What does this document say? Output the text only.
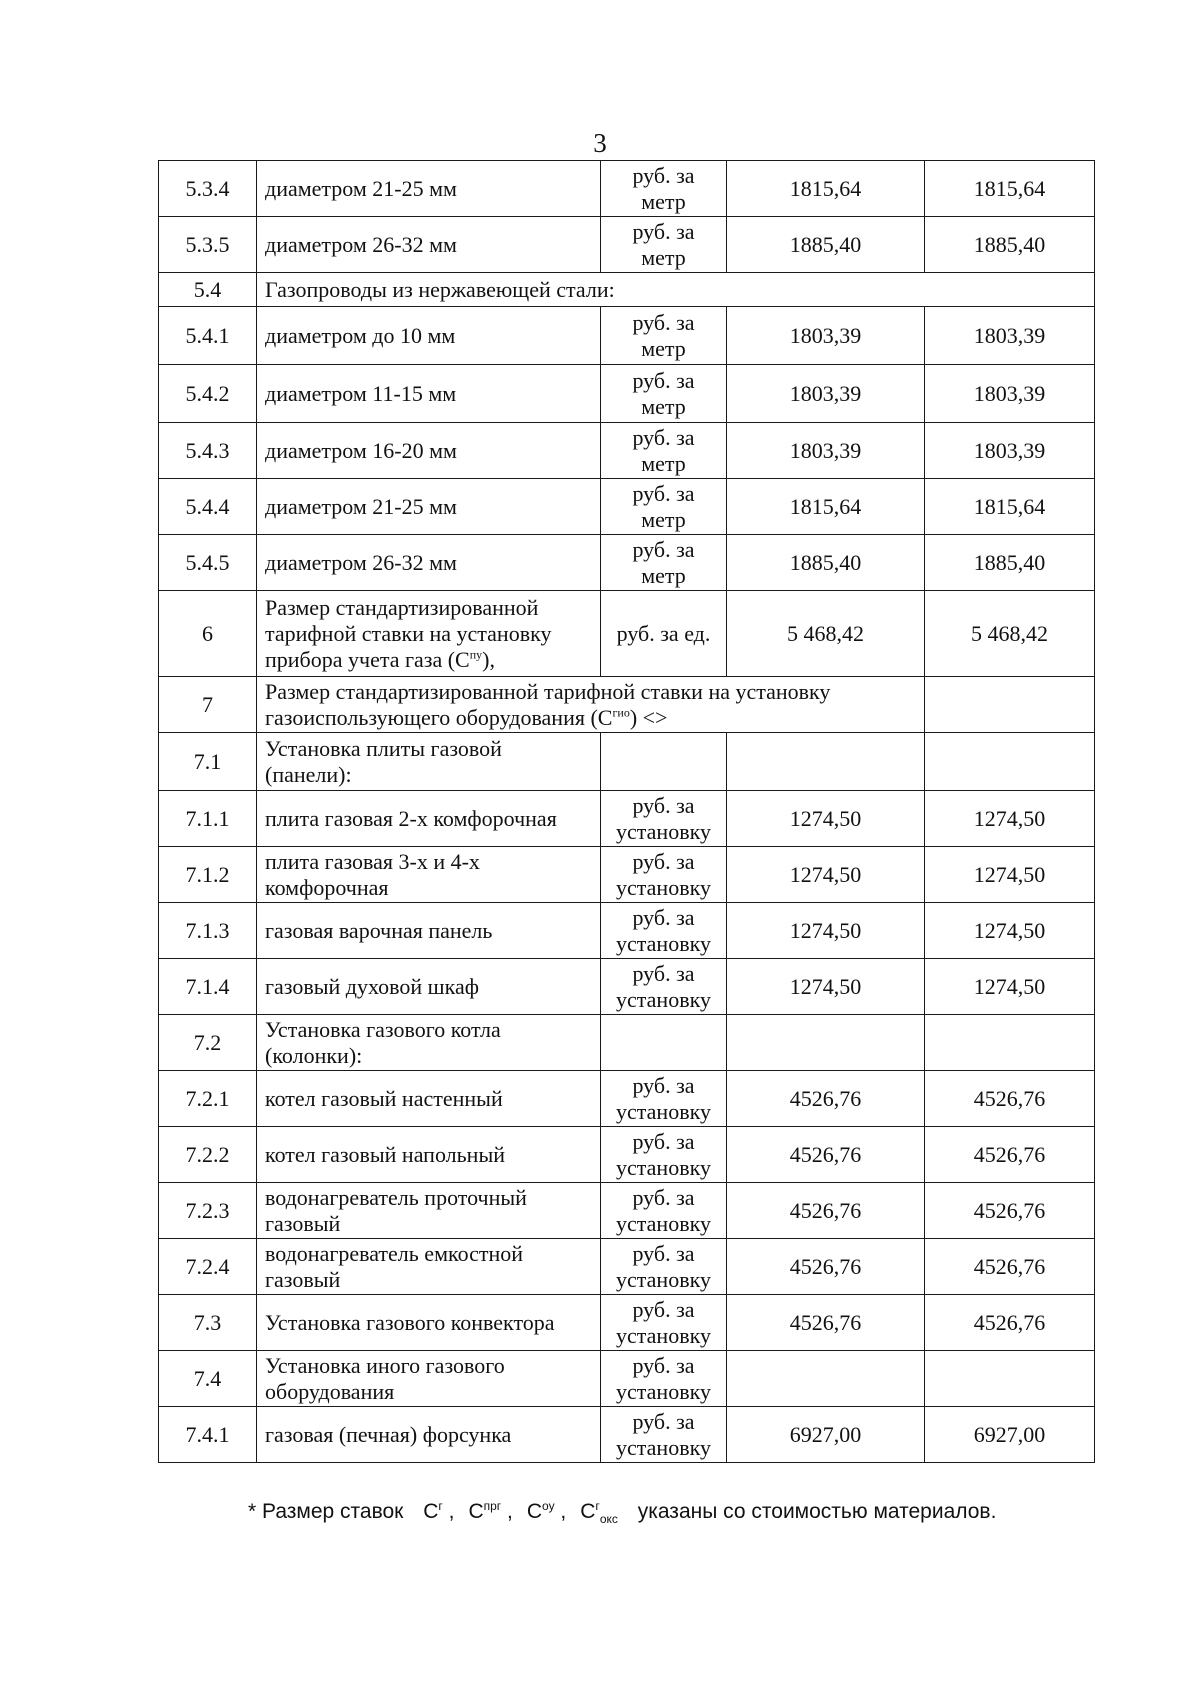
3
5.3.4	диаметром 21-25 мм	руб. за метр	1815,64	1815,64
5.3.5	диаметром 26-32 мм	руб. за метр	1885,40	1885,40
5.4	Газопроводы из нержавеющей стали:			
5.4.1	диаметром до 10 мм	руб. за метр	1803,39	1803,39
5.4.2	диаметром 11-15 мм	руб. за метр	1803,39	1803,39
5.4.3	диаметром 16-20 мм	руб. за метр	1803,39	1803,39
5.4.4	диаметром 21-25 мм	руб. за метр	1815,64	1815,64
5.4.5	диаметром 26-32 мм	руб. за метр	1885,40	1885,40
6	Размер стандартизированной тарифной ставки на установку прибора учета газа $(С^{пу})$,	руб. за ед.	5 468,42	5 468,42
7	Размер стандартизированной тарифной ставки на установку газоиспользующего оборудования $(С^{гио})$ <>			
7.1	Установка плиты газовой (панели):			
7.1.1	плита газовая 2-х комфорочная	руб. за установку	1274,50	1274,50
7.1.2	плита газовая 3-х и 4-х комфорочная	руб. за установку	1274,50	1274,50
7.1.3	газовая варочная панель	руб. за установку	1274,50	1274,50
7.1.4	газовый духовой шкаф	руб. за установку	1274,50	1274,50
7.2	Установка газового котла (колонки):			
7.2.1	котел газовый настенный	руб. за установку	4526,76	4526,76
7.2.2	котел газовый напольный	руб. за установку	4526,76	4526,76
7.2.3	водонагреватель проточный газовый	руб. за установку	4526,76	4526,76
7.2.4	водонагреватель емкостной газовый	руб. за установку	4526,76	4526,76
7.3	Установка газового конвектора	руб. за установку	4526,76	4526,76
7.4	Установка иного газового оборудования	руб. за установку		
7.4.1	газовая (печная) форсунка	руб. за установку	6927,00	6927,00
* Размер ставок $С^г$ , $С^{прг}$ , $С^{оу}$ , $С^г_{окс}$ указаны со стоимостью материалов.
